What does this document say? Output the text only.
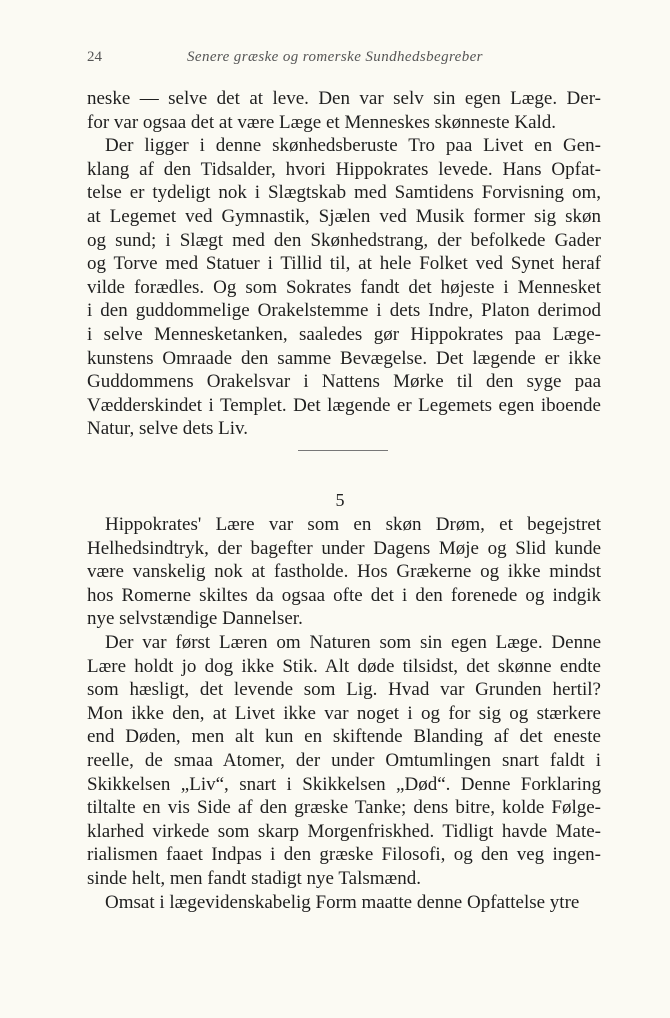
24	Senere græske og romerske Sundhedsbegreber
neske — selve det at leve. Den var selv sin egen Læge. Der-
for var ogsaa det at være Læge et Menneskes skønneste Kald.
Der ligger i denne skønhedsberuste Tro paa Livet en Gen-
klang af den Tidsalder, hvori Hippokrates levede. Hans Opfat-
telse er tydeligt nok i Slægtskab med Samtidens Forvisning om,
at Legemet ved Gymnastik, Sjælen ved Musik former sig skøn
og sund; i Slægt med den Skønhedstrang, der befolkede Gader
og Torve med Statuer i Tillid til, at hele Folket ved Synet heraf
vilde forædles. Og som Sokrates fandt det højeste i Mennesket
i den guddommelige Orakelstemme i dets Indre, Platon derimod
i selve Menneskеtanken, saaledes gør Hippokrates paa Læge-
kunstens Omraade den samme Bevægelse. Det lægende er ikke
Guddommens Orakelsvar i Nattens Mørke til den syge paa
Vædderskindet i Templet. Det lægende er Legemets egen iboende
Natur, selve dets Liv.
5
Hippokrates' Lære var som en skøn Drøm, et begejstret
Helhedsindtryk, der bagefter under Dagens Møje og Slid kunde
være vanskelig nok at fastholde. Hos Grækerne og ikke mindst
hos Romerne skiltes da ogsaa ofte det i den forenede og indgik
nye selvstændige Dannelser.
Der var først Læren om Naturen som sin egen Læge. Denne
Lære holdt jo dog ikke Stik. Alt døde tilsidst, det skønne endte
som hæsligt, det levende som Lig. Hvad var Grunden hertil?
Mon ikke den, at Livet ikke var noget i og for sig og stærkere
end Døden, men alt kun en skiftende Blanding af det eneste
reelle, de smaa Atomer, der under Omtumlingen snart faldt i
Skikkelsen „Liv“, snart i Skikkelsen „Død“. Denne Forklaring
tiltalte en vis Side af den græske Tanke; dens bitre, kolde Følge-
klarhed virkede som skarp Morgenfriskhed. Tidligt havde Mate-
rialismen faaet Indpas i den græske Filosofi, og den veg ingen-
sinde helt, men fandt stadigt nye Talsmænd.
Omsat i lægevidenskabelig Form maatte denne Opfattelse ytre
